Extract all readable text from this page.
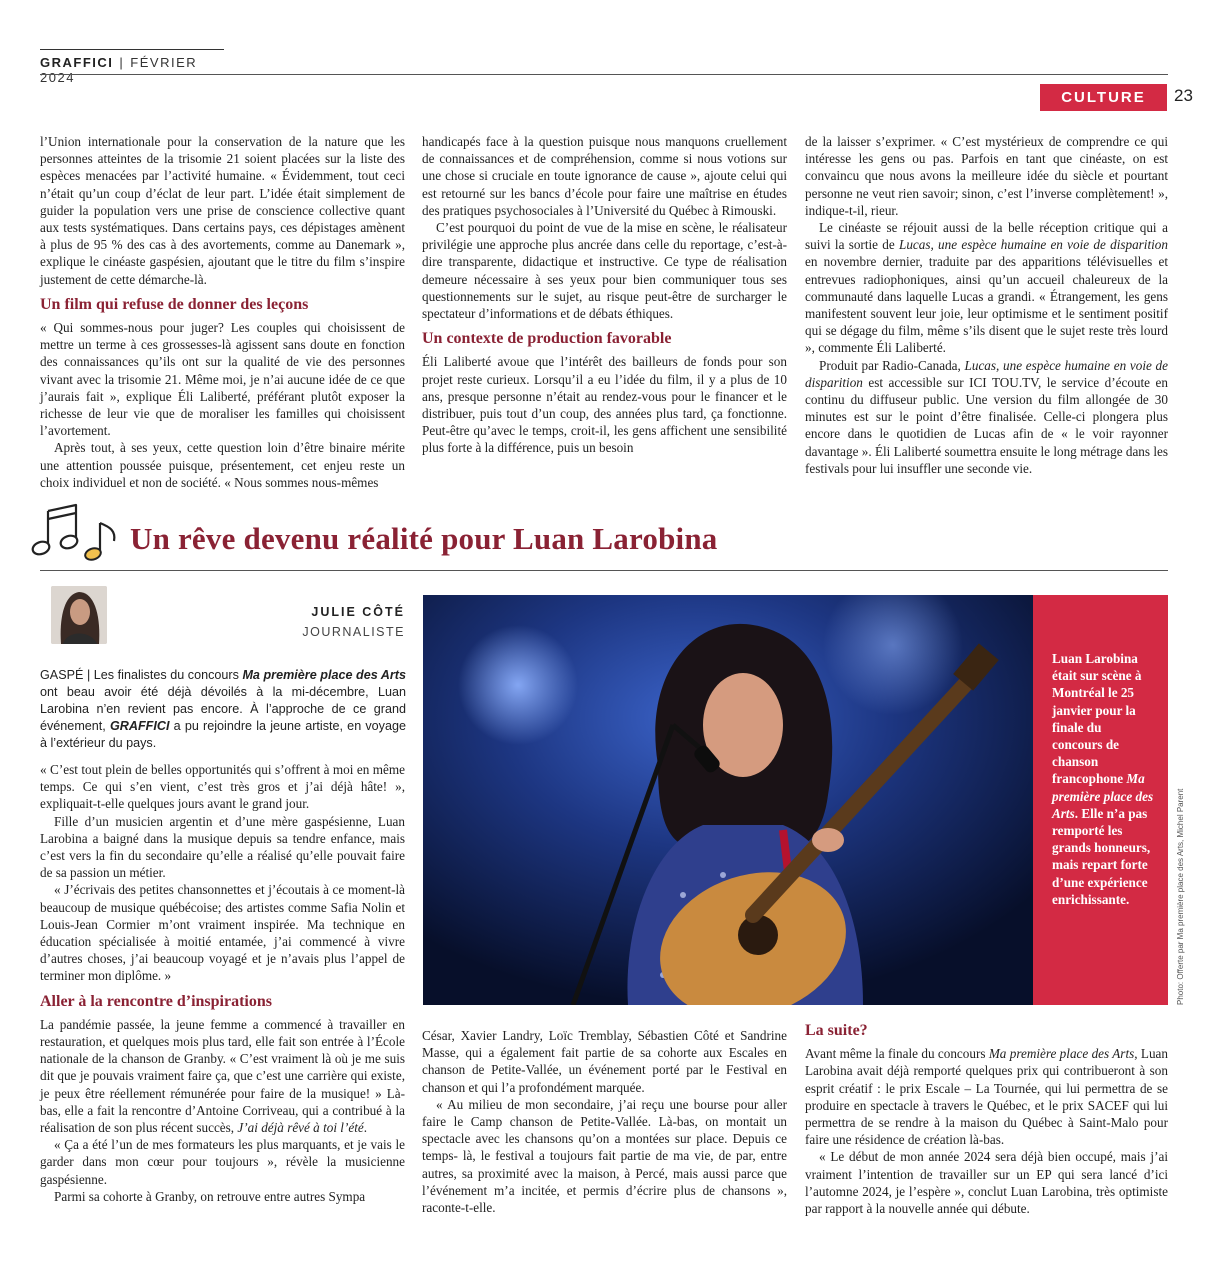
GRAFFICI | FÉVRIER 2024
CULTURE	23

l’Union internationale pour la conservation de la nature que les personnes atteintes de la trisomie 21 soient placées sur la liste des espèces menacées par l’activité humaine. « Évidemment, tout ceci n’était qu’un coup d’éclat de leur part. L’idée était simplement de guider la population vers une prise de conscience collective quant aux tests systématiques. Dans certains pays, ces dépistages amènent à plus de 95 % des cas à des avortements, comme au Danemark », explique le cinéaste gaspésien, ajoutant que le titre du film s’inspire justement de cette démarche-là.

Un film qui refuse de donner des leçons

« Qui sommes-nous pour juger? Les couples qui choisissent de mettre un terme à ces grossesses-là agissent sans doute en fonction des connaissances qu’ils ont sur la qualité de vie des personnes vivant avec la trisomie 21. Même moi, je n’ai aucune idée de ce que j’aurais fait », explique Éli Laliberté, préférant plutôt exposer la richesse de leur vie que de moraliser les familles qui choisissent l’avortement.

Après tout, à ses yeux, cette question loin d’être binaire mérite une attention poussée puisque, présentement, cet enjeu reste un choix individuel et non de société. « Nous sommes nous-mêmes

handicapés face à la question puisque nous manquons cruellement de connaissances et de compréhension, comme si nous votions sur une chose si cruciale en toute ignorance de cause », ajoute celui qui est retourné sur les bancs d’école pour faire une maîtrise en études des pratiques psychosociales à l’Université du Québec à Rimouski.

C’est pourquoi du point de vue de la mise en scène, le réalisateur privilégie une approche plus ancrée dans celle du reportage, c’est-à-dire transparente, didactique et instructive. Ce type de réalisation demeure nécessaire à ses yeux pour bien communiquer tous ses questionnements sur le sujet, au risque peut-être de surcharger le spectateur d’informations et de débats éthiques.

Un contexte de production favorable

Éli Laliberté avoue que l’intérêt des bailleurs de fonds pour son projet reste curieux. Lorsqu’il a eu l’idée du film, il y a plus de 10 ans, presque personne n’était au rendez-vous pour le financer et le distribuer, puis tout d’un coup, des années plus tard, ça fonctionne. Peut-être qu’avec le temps, croit-il, les gens affichent une sensibilité plus forte à la différence, puis un besoin

de la laisser s’exprimer. « C’est mystérieux de comprendre ce qui intéresse les gens ou pas. Parfois en tant que cinéaste, on est convaincu que nous avons la meilleure idée du siècle et pourtant personne ne veut rien savoir; sinon, c’est l’inverse complètement! », indique-t-il, rieur.

Le cinéaste se réjouit aussi de la belle réception critique qui a suivi la sortie de Lucas, une espèce humaine en voie de disparition en novembre dernier, traduite par des apparitions télévisuelles et entrevues radiophoniques, ainsi qu’un accueil chaleureux de la communauté dans laquelle Lucas a grandi. « Étrangement, les gens manifestent souvent leur joie, leur optimisme et le sentiment positif qui se dégage du film, même s’ils disent que le sujet reste très lourd », commente Éli Laliberté.

Produit par Radio-Canada, Lucas, une espèce humaine en voie de disparition est accessible sur ICI TOU.TV, le service d’écoute en continu du diffuseur public. Une version du film allongée de 30 minutes est sur le point d’être finalisée. Celle-ci plongera plus encore dans le quotidien de Lucas afin de « le voir rayonner davantage ». Éli Laliberté soumettra ensuite le long métrage dans les festivals pour lui insuffler une seconde vie.

Un rêve devenu réalité pour Luan Larobina
JULIE CÔTÉ
JOURNALISTE
GASPÉ | Les finalistes du concours Ma première place des Arts ont beau avoir été déjà dévoilés à la mi-décembre, Luan Larobina n’en revient pas encore. À l’approche de ce grand événement, GRAFFICI a pu rejoindre la jeune artiste, en voyage à l’extérieur du pays.

« C’est tout plein de belles opportunités qui s’offrent à moi en même temps. Ce qui s’en vient, c’est très gros et j’ai déjà hâte! », expliquait-t-elle quelques jours avant le grand jour.

Fille d’un musicien argentin et d’une mère gaspésienne, Luan Larobina a baigné dans la musique depuis sa tendre enfance, mais c’est vers la fin du secondaire qu’elle a réalisé qu’elle pouvait faire de sa passion un métier.

« J’écrivais des petites chansonnettes et j’écoutais à ce moment-là beaucoup de musique québécoise; des artistes comme Safia Nolin et Louis-Jean Cormier m’ont vraiment inspirée. Ma technique en éducation spécialisée à moitié entamée, j’ai commencé à vivre d’autres choses, j’ai beaucoup voyagé et je n’avais plus l’appel de terminer mon diplôme. »

Aller à la rencontre d’inspirations

La pandémie passée, la jeune femme a commencé à travailler en restauration, et quelques mois plus tard, elle fait son entrée à l’École nationale de la chanson de Granby. « C’est vraiment là où je me suis dit que je pouvais vraiment faire ça, que c’est une carrière qui existe, je peux être réellement rémunérée pour faire de la musique! » Là-bas, elle a fait la rencontre d’Antoine Corriveau, qui a contribué à la réalisation de son plus récent succès, J’ai déjà rêvé à toi l’été.

« Ça a été l’un de mes formateurs les plus marquants, et je vais le garder dans mon cœur pour toujours », révèle la musicienne gaspésienne.

Parmi sa cohorte à Granby, on retrouve entre autres Sympa

Luan Larobina était sur scène à Montréal le 25 janvier pour la finale du concours de chanson francophone Ma première place des Arts. Elle n’a pas remporté les grands honneurs, mais repart forte d’une expérience enrichissante.	Photo: Offerte par Ma première place des Arts, Michel Parent

César, Xavier Landry, Loïc Tremblay, Sébastien Côté et Sandrine Masse, qui a également fait partie de sa cohorte aux Escales en chanson de Petite-Vallée, un événement porté par le Festival en chanson et qui l’a profondément marquée.

« Au milieu de mon secondaire, j’ai reçu une bourse pour aller faire le Camp chanson de Petite-Vallée. Là-bas, on montait un spectacle avec les chansons qu’on a montées sur place. Depuis ce temps- là, le festival a toujours fait partie de ma vie, de par, entre autres, sa proximité avec la maison, à Percé, mais aussi parce que l’événement m’a incitée, et permis d’écrire plus de chansons », raconte-t-elle.

La suite?

Avant même la finale du concours Ma première place des Arts, Luan Larobina avait déjà remporté quelques prix qui contribueront à son esprit créatif : le prix Escale – La Tournée, qui lui permettra de se produire en spectacle à travers le Québec, et le prix SACEF qui lui permettra de se rendre à la maison du Québec à Saint-Malo pour faire une résidence de création là-bas.

« Le début de mon année 2024 sera déjà bien occupé, mais j’ai vraiment l’intention de travailler sur un EP qui sera lancé d’ici l’automne 2024, je l’espère », conclut Luan Larobina, très optimiste par rapport à la nouvelle année qui débute.
